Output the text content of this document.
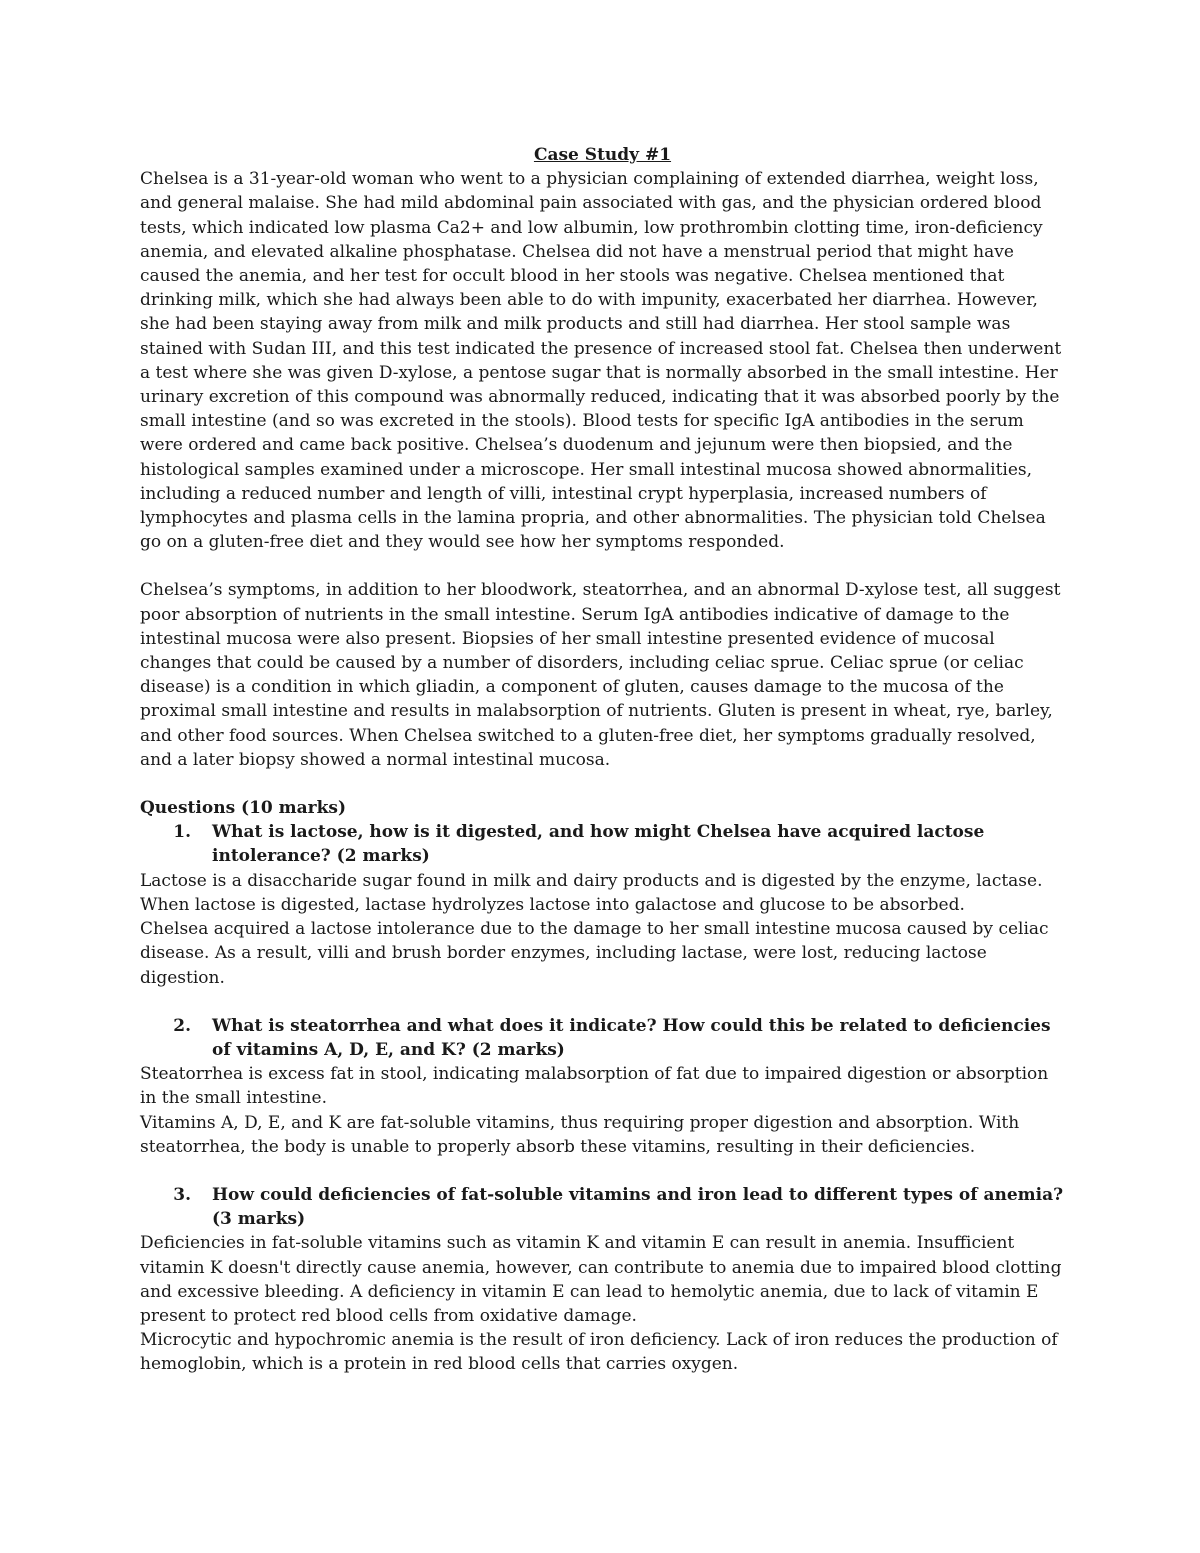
Case Study #1

Chelsea is a 31-year-old woman who went to a physician complaining of extended diarrhea, weight loss, and general malaise. She had mild abdominal pain associated with gas, and the physician ordered blood tests, which indicated low plasma Ca2+ and low albumin, low prothrombin clotting time, iron-deficiency anemia, and elevated alkaline phosphatase. Chelsea did not have a menstrual period that might have caused the anemia, and her test for occult blood in her stools was negative. Chelsea mentioned that drinking milk, which she had always been able to do with impunity, exacerbated her diarrhea. However, she had been staying away from milk and milk products and still had diarrhea. Her stool sample was stained with Sudan III, and this test indicated the presence of increased stool fat. Chelsea then underwent a test where she was given D-xylose, a pentose sugar that is normally absorbed in the small intestine. Her urinary excretion of this compound was abnormally reduced, indicating that it was absorbed poorly by the small intestine (and so was excreted in the stools). Blood tests for specific IgA antibodies in the serum were ordered and came back positive. Chelsea’s duodenum and jejunum were then biopsied, and the histological samples examined under a microscope. Her small intestinal mucosa showed abnormalities, including a reduced number and length of villi, intestinal crypt hyperplasia, increased numbers of lymphocytes and plasma cells in the lamina propria, and other abnormalities. The physician told Chelsea go on a gluten-free diet and they would see how her symptoms responded.

Chelsea’s symptoms, in addition to her bloodwork, steatorrhea, and an abnormal D-xylose test, all suggest poor absorption of nutrients in the small intestine. Serum IgA antibodies indicative of damage to the intestinal mucosa were also present. Biopsies of her small intestine presented evidence of mucosal changes that could be caused by a number of disorders, including celiac sprue. Celiac sprue (or celiac disease) is a condition in which gliadin, a component of gluten, causes damage to the mucosa of the proximal small intestine and results in malabsorption of nutrients. Gluten is present in wheat, rye, barley, and other food sources. When Chelsea switched to a gluten-free diet, her symptoms gradually resolved, and a later biopsy showed a normal intestinal mucosa.

Questions (10 marks)

1.	What is lactose, how is it digested, and how might Chelsea have acquired lactose intolerance? (2 marks)

Lactose is a disaccharide sugar found in milk and dairy products and is digested by the enzyme, lactase. When lactose is digested, lactase hydrolyzes lactose into galactose and glucose to be absorbed.

Chelsea acquired a lactose intolerance due to the damage to her small intestine mucosa caused by celiac disease. As a result, villi and brush border enzymes, including lactase, were lost, reducing lactose digestion.

2.	What is steatorrhea and what does it indicate? How could this be related to deficiencies of vitamins A, D, E, and K? (2 marks)

Steatorrhea is excess fat in stool, indicating malabsorption of fat due to impaired digestion or absorption in the small intestine.

Vitamins A, D, E, and K are fat-soluble vitamins, thus requiring proper digestion and absorption. With steatorrhea, the body is unable to properly absorb these vitamins, resulting in their deficiencies.

3.	How could deficiencies of fat-soluble vitamins and iron lead to different types of anemia? (3 marks)

Deficiencies in fat-soluble vitamins such as vitamin K and vitamin E can result in anemia. Insufficient vitamin K doesn't directly cause anemia, however, can contribute to anemia due to impaired blood clotting and excessive bleeding. A deficiency in vitamin E can lead to hemolytic anemia, due to lack of vitamin E present to protect red blood cells from oxidative damage.

Microcytic and hypochromic anemia is the result of iron deficiency. Lack of iron reduces the production of hemoglobin, which is a protein in red blood cells that carries oxygen.
